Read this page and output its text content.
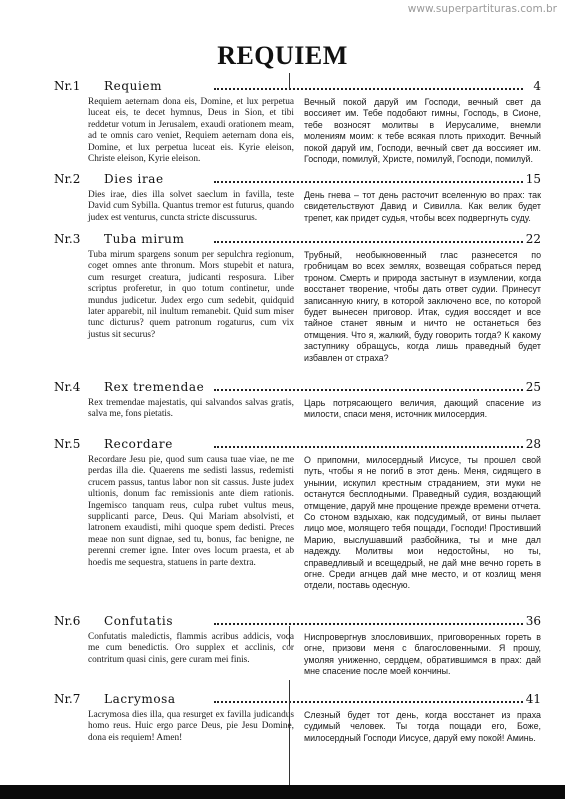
www.superpartituras.com.br
REQUIEM
Nr.1 Requiem	4
Requiem aeternam dona eis, Domine, et lux perpetua luceat eis, te decet hymnus, Deus in Sion, et tibi reddetur votum in Jerusalem, exaudi orationem meam, ad te omnis caro veniet, Requiem aeternam dona eis, Domine, et lux perpetua luceat eis. Kyrie eleison, Christe eleison, Kyrie eleison.
Вечный покой даруй им Господи, вечный свет да воссияет им. Тебе подобают гимны, Господь, в Сионе, тебе возносят молитвы в Иерусалиме, внемли молениям моим: к тебе всякая плоть приходит. Вечный покой даруй им, Господи, вечный свет да воссияет им. Господи, помилуй, Христе, помилуй, Господи, помилуй.
Nr.2 Dies irae	15
Dies irae, dies illa solvet saeclum in favilla, teste David cum Sybilla. Quantus tremor est futurus, quando judex est venturus, cuncta stricte discussurus.
День гнева – тот день расточит вселенную во прах: так свидетельствуют Давид и Сивилла. Как велик будет трепет, как придет судья, чтобы всех подвергнуть суду.
Nr.3 Tuba mirum	22
Tuba mirum spargens sonum per sepulchra regionum, coget omnes ante thronum. Mors stupebit et natura, cum resurget creatura, judicanti resposura. Liber scriptus proferetur, in quo totum continetur, unde mundus judicetur. Judex ergo cum sedebit, quidquid later apparebit, nil inultum remanebit. Quid sum miser tunc dicturus? quem patronum rogaturus, cum vix justus sit securus?
Трубный, необыкновенный глас разнесется по гробницам во всех землях, возвещая собраться перед троном. Смерть и природа застынут в изумлении, когда восстанет творение, чтобы дать ответ судии. Принесут записанную книгу, в которой заключено все, по которой будет вынесен приговор. Итак, судия воссядет и все тайное станет явным и ничто не останеться без отмщения. Что я, жалкий, буду говорить тогда? К какому заступнику обращусь, когда лишь праведный будет избавлен от страха?
Nr.4 Rex tremendae	25
Rex tremendae majestatis, qui salvandos salvas gratis, salva me, fons pietatis.
Царь потрясающего величия, дающий спасение из милости, спаси меня, источник милосердия.
Nr.5 Recordare	28
Recordare Jesu pie, quod sum causa tuae viae, ne me perdas illa die. Quaerens me sedisti lassus, redemisti crucem passus, tantus labor non sit cassus. Juste judex ultionis, donum fac remissionis ante diem rationis. Ingemisco tanquam reus, culpa rubet vultus meus, supplicanti parce, Deus. Qui Mariam absolvisti, et latronem exaudisti, mihi quoque spem dedisti. Preces meae non sunt dignae, sed tu, bonus, fac benigne, ne perenni cremer igne. Inter oves locum praesta, et ab hoedis me sequestra, statuens in parte dextra.
О припомни, милосердный Иисусе, ты прошел свой путь, чтобы я не погиб в этот день. Меня, сидящего в унынии, искупил крестным страданием, эти муки не останутся бесплодными. Праведный судия, воздающий отмщение, даруй мне прощение прежде времени отчета. Со стоном вздыхаю, как подсудимый, от вины пылает лицо мое, молящего тебя пощади, Господи! Простивший Марию, выслушавший разбойника, ты и мне дал надежду. Молитвы мои недостойны, но ты, справедливый и всещедрый, не дай мне вечно гореть в огне. Среди агнцев дай мне место, и от козлищ меня отдели, поставь одесную.
Nr.6 Confutatis	36
Confutatis maledictis, flammis acribus addicis, voca me cum benedictis. Oro supplex et acclinis, cor contritum quasi cinis, gere curam mei finis.
Ниспровергнув злословивших, приговоренных гореть в огне, призови меня с благословенными. Я прошу, умоляя униженно, сердцем, обратившимся в прах: дай мне спасение после моей кончины.
Nr.7 Lacrymosa	41
Lacrymosa dies illa, qua resurget ex favilla judicandus homo reus. Huic ergo parce Deus, pie Jesu Domine, dona eis requiem! Amen!
Слезный будет тот день, когда восстанет из праха судимый человек. Ты тогда пощади его, Боже, милосердный Господи Иисусе, даруй ему покой! Аминь.
